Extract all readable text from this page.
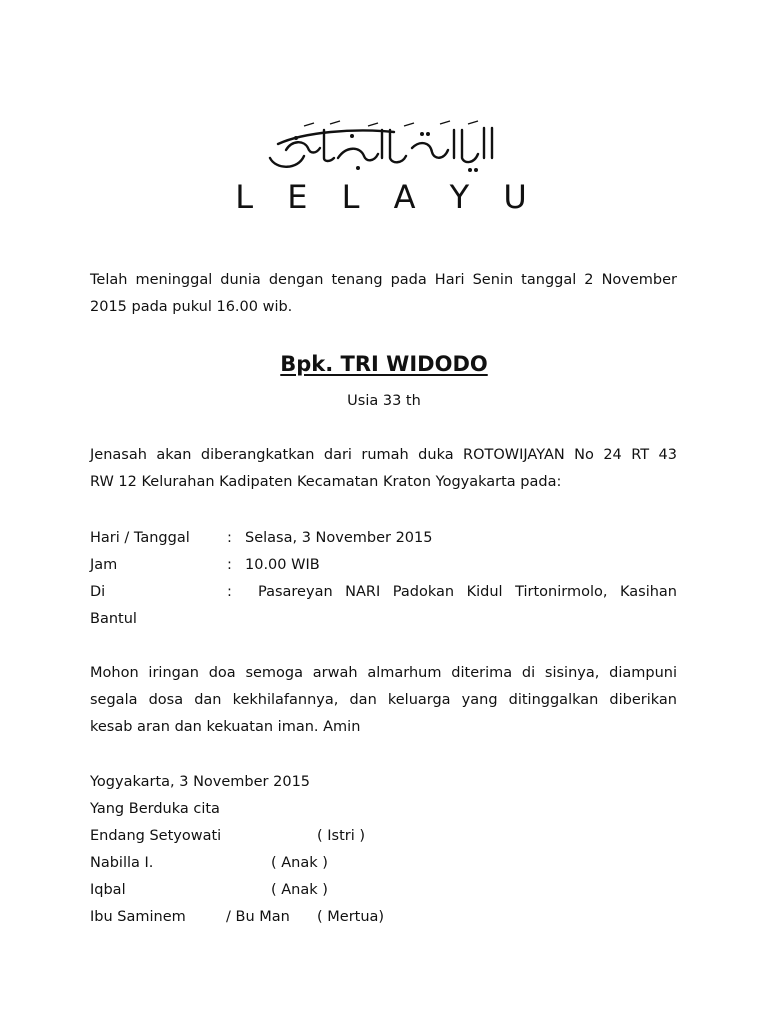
L E L A Y U
Telah meninggal dunia dengan tenang pada Hari Senin tanggal 2 November
2015 pada pukul 16.00 wib.
Bpk. TRI WIDODO
Usia 33 th
Jenasah akan diberangkatkan dari rumah duka ROTOWIJAYAN No 24 RT 43
RW 12 Kelurahan Kadipaten Kecamatan Kraton Yogyakarta pada:
Hari / Tanggal	: Selasa, 3 November 2015
Jam	: 10.00 WIB
Di	: Pasareyan NARI Padokan Kidul Tirtonirmolo, Kasihan
Bantul
Mohon iringan doa semoga arwah almarhum diterima di sisinya, diampuni
segala dosa dan kekhilafannya, dan keluarga yang ditinggalkan diberikan
kesab aran dan kekuatan iman. Amin
Yogyakarta, 3 November 2015
Yang Berduka cita
Endang Setyowati	( Istri )
Nabilla I.	( Anak )
Iqbal	( Anak )
Ibu Saminem	/ Bu Man ( Mertua)
